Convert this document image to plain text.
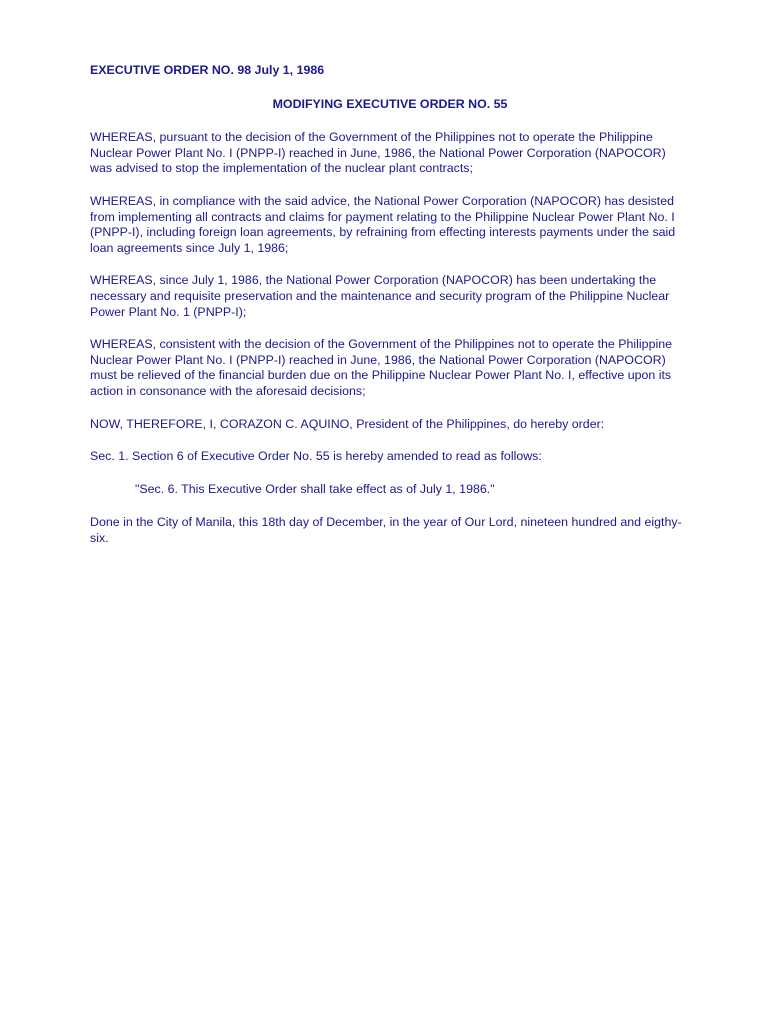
EXECUTIVE ORDER NO. 98 July 1, 1986

MODIFYING EXECUTIVE ORDER NO. 55

WHEREAS, pursuant to the decision of the Government of the Philippines not to operate the Philippine Nuclear Power Plant No. I (PNPP-I) reached in June, 1986, the National Power Corporation (NAPOCOR) was advised to stop the implementation of the nuclear plant contracts;

WHEREAS, in compliance with the said advice, the National Power Corporation (NAPOCOR) has desisted from implementing all contracts and claims for payment relating to the Philippine Nuclear Power Plant No. I (PNPP-I), including foreign loan agreements, by refraining from effecting interests payments under the said loan agreements since July 1, 1986;

WHEREAS, since July 1, 1986, the National Power Corporation (NAPOCOR) has been undertaking the necessary and requisite preservation and the maintenance and security program of the Philippine Nuclear Power Plant No. 1 (PNPP-I);

WHEREAS, consistent with the decision of the Government of the Philippines not to operate the Philippine Nuclear Power Plant No. I (PNPP-I) reached in June, 1986, the National Power Corporation (NAPOCOR) must be relieved of the financial burden due on the Philippine Nuclear Power Plant No. I, effective upon its action in consonance with the aforesaid decisions;

NOW, THEREFORE, I, CORAZON C. AQUINO, President of the Philippines, do hereby order:

Sec. 1. Section 6 of Executive Order No. 55 is hereby amended to read as follows:

"Sec. 6. This Executive Order shall take effect as of July 1, 1986."

Done in the City of Manila, this 18th day of December, in the year of Our Lord, nineteen hundred and eigthy-six.
